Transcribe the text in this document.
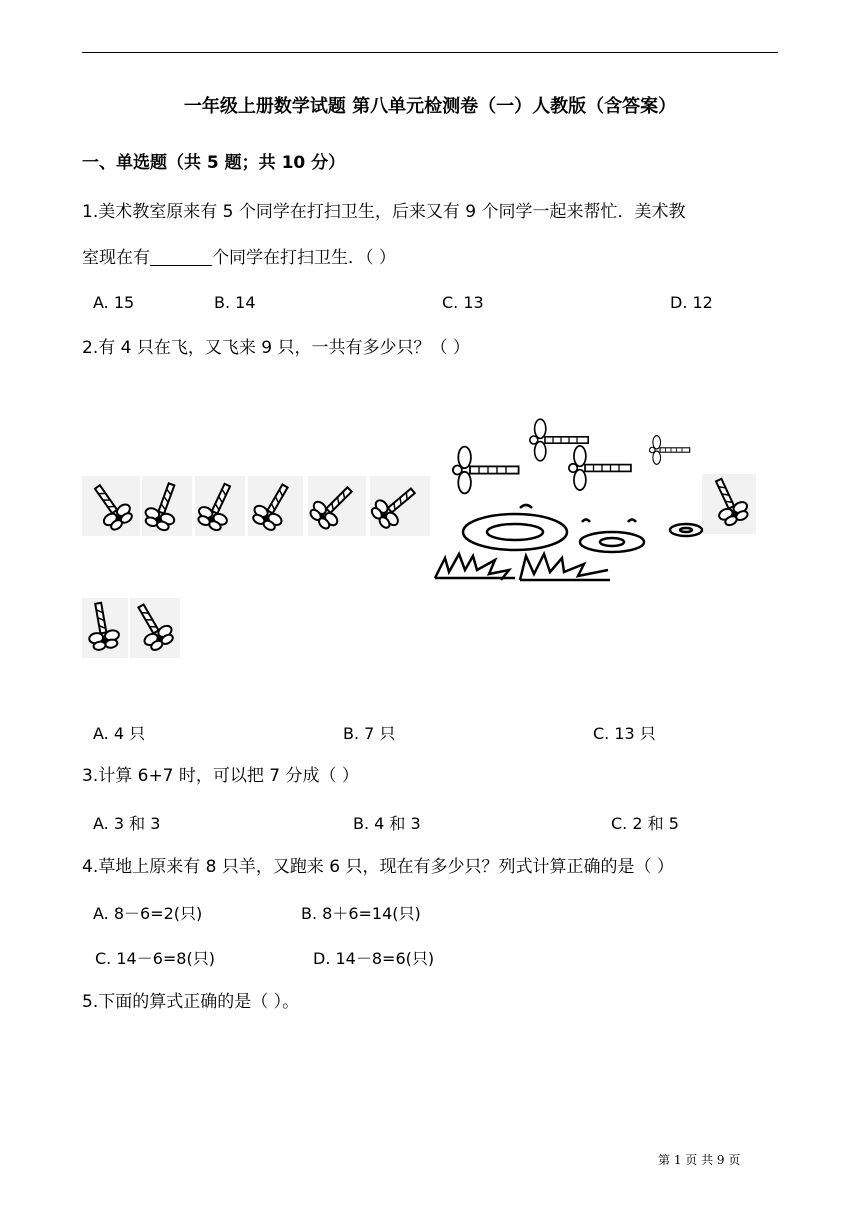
一年级上册数学试题 第八单元检测卷（一）人教版（含答案）
一、单选题（共 5 题；共 10 分）
1.美术教室原来有 5 个同学在打扫卫生，后来又有 9 个同学一起来帮忙．美术教
室现在有	个同学在打扫卫生．（ ）
A. 15	B. 14	C. 13	D. 12
2.有 4 只在飞，又飞来 9 只，一共有多少只？（ ）
A. 4 只	B. 7 只	C. 13 只
3.计算 6+7 时，可以把 7 分成（ ）
A. 3 和 3	B. 4 和 3	C. 2 和 5
4.草地上原来有 8 只羊，又跑来 6 只，现在有多少只？列式计算正确的是（ ）
A. 8－6=2(只)	B. 8＋6=14(只)
C. 14－6=8(只)	D. 14－8=6(只)
5.下面的算式正确的是（ ）。
第 1 页 共 9 页
